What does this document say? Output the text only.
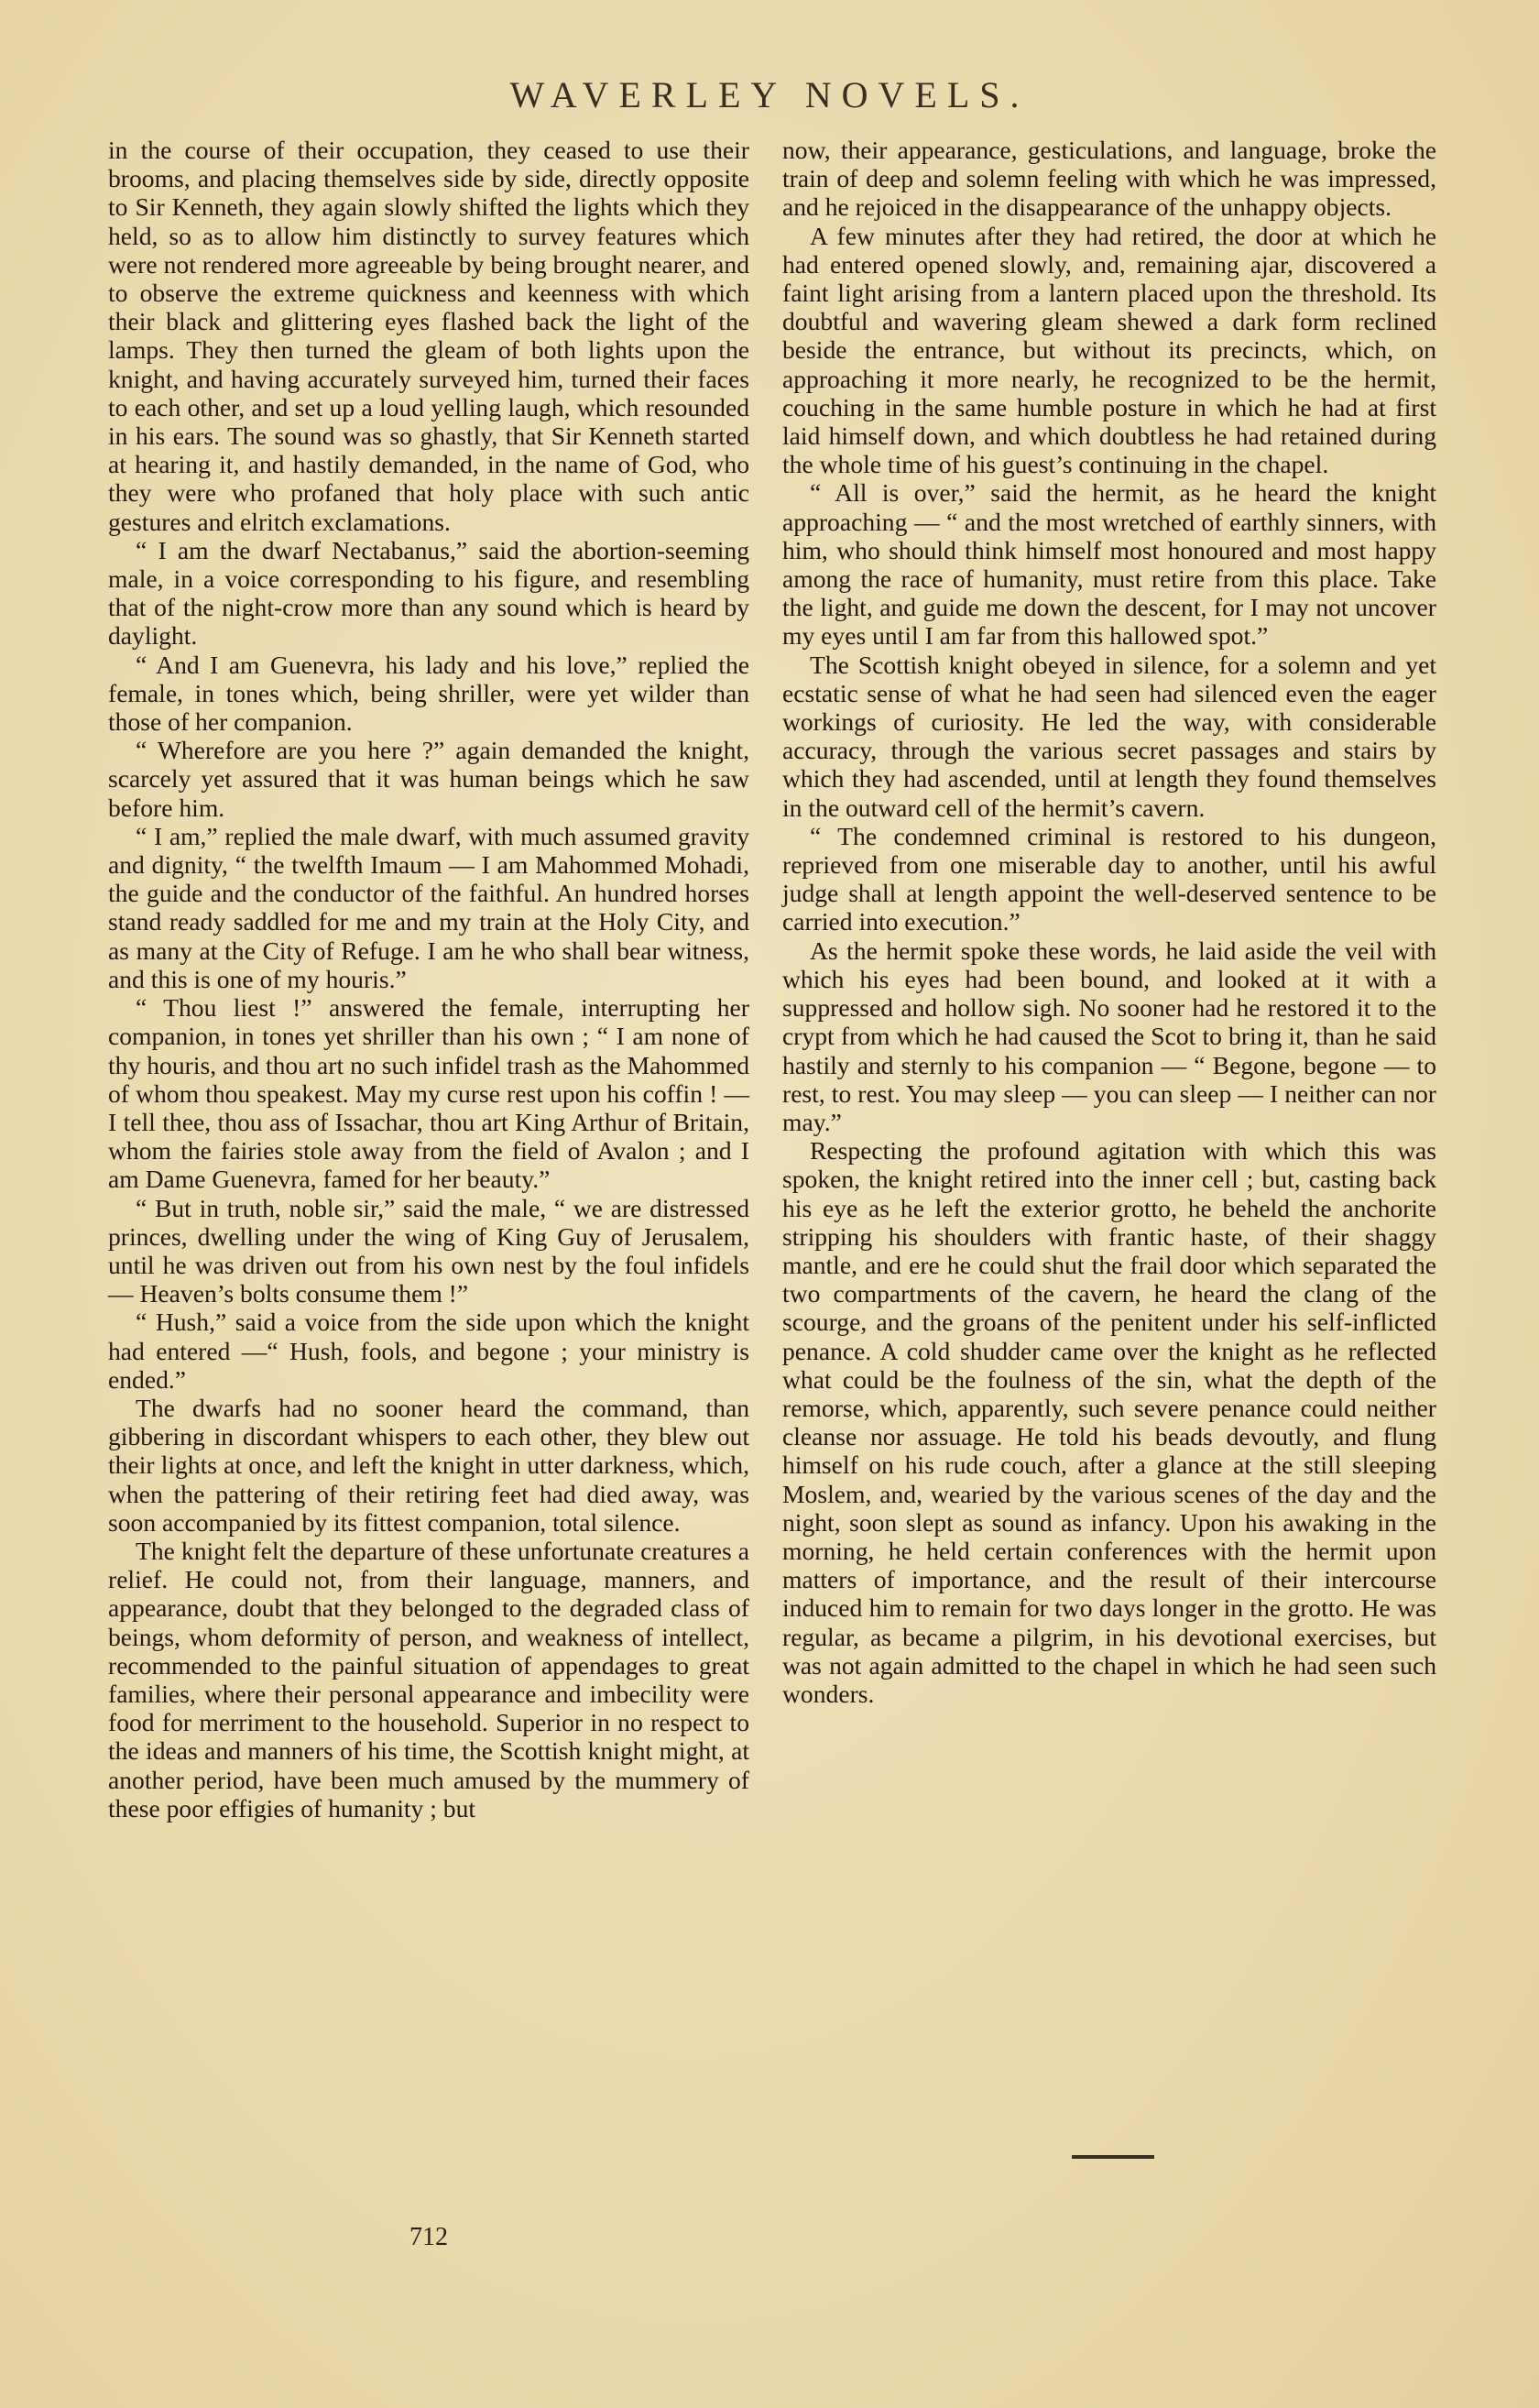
WAVERLEY NOVELS.

in the course of their occupation, they ceased to use their brooms, and placing themselves side by side, directly opposite to Sir Kenneth, they again slowly shifted the lights which they held, so as to allow him distinctly to survey features which were not rendered more agreeable by being brought nearer, and to observe the extreme quickness and keenness with which their black and glittering eyes flashed back the light of the lamps. They then turned the gleam of both lights upon the knight, and having accurately surveyed him, turned their faces to each other, and set up a loud yelling laugh, which resounded in his ears. The sound was so ghastly, that Sir Kenneth started at hearing it, and hastily demanded, in the name of God, who they were who profaned that holy place with such antic gestures and elritch exclamations.

“ I am the dwarf Nectabanus,” said the abortion-seeming male, in a voice corresponding to his figure, and resembling that of the night-crow more than any sound which is heard by daylight.

“ And I am Guenevra, his lady and his love,” replied the female, in tones which, being shriller, were yet wilder than those of her companion.

“ Wherefore are you here ?” again demanded the knight, scarcely yet assured that it was human beings which he saw before him.

“ I am,” replied the male dwarf, with much assumed gravity and dignity, “ the twelfth Imaum — I am Mahommed Mohadi, the guide and the conductor of the faithful. An hundred horses stand ready saddled for me and my train at the Holy City, and as many at the City of Refuge. I am he who shall bear witness, and this is one of my houris.”

“ Thou liest !” answered the female, interrupting her companion, in tones yet shriller than his own ; “ I am none of thy houris, and thou art no such infidel trash as the Mahommed of whom thou speakest. May my curse rest upon his coffin ! — I tell thee, thou ass of Issachar, thou art King Arthur of Britain, whom the fairies stole away from the field of Avalon ; and I am Dame Guenevra, famed for her beauty.”

“ But in truth, noble sir,” said the male, “ we are distressed princes, dwelling under the wing of King Guy of Jerusalem, until he was driven out from his own nest by the foul infidels — Heaven’s bolts consume them !”

“ Hush,” said a voice from the side upon which the knight had entered —“ Hush, fools, and begone ; your ministry is ended.”

The dwarfs had no sooner heard the command, than gibbering in discordant whispers to each other, they blew out their lights at once, and left the knight in utter darkness, which, when the pattering of their retiring feet had died away, was soon accompanied by its fittest companion, total silence.

The knight felt the departure of these unfortunate creatures a relief. He could not, from their language, manners, and appearance, doubt that they belonged to the degraded class of beings, whom deformity of person, and weakness of intellect, recommended to the painful situation of appendages to great families, where their personal appearance and imbecility were food for merriment to the household. Superior in no respect to the ideas and manners of his time, the Scottish knight might, at another period, have been much amused by the mummery of these poor effigies of humanity ; but

now, their appearance, gesticulations, and language, broke the train of deep and solemn feeling with which he was impressed, and he rejoiced in the disappearance of the unhappy objects.

A few minutes after they had retired, the door at which he had entered opened slowly, and, remaining ajar, discovered a faint light arising from a lantern placed upon the threshold. Its doubtful and wavering gleam shewed a dark form reclined beside the entrance, but without its precincts, which, on approaching it more nearly, he recognized to be the hermit, couching in the same humble posture in which he had at first laid himself down, and which doubtless he had retained during the whole time of his guest’s continuing in the chapel.

“ All is over,” said the hermit, as he heard the knight approaching — “ and the most wretched of earthly sinners, with him, who should think himself most honoured and most happy among the race of humanity, must retire from this place. Take the light, and guide me down the descent, for I may not uncover my eyes until I am far from this hallowed spot.”

The Scottish knight obeyed in silence, for a solemn and yet ecstatic sense of what he had seen had silenced even the eager workings of curiosity. He led the way, with considerable accuracy, through the various secret passages and stairs by which they had ascended, until at length they found themselves in the outward cell of the hermit’s cavern.

“ The condemned criminal is restored to his dungeon, reprieved from one miserable day to another, until his awful judge shall at length appoint the well-deserved sentence to be carried into execution.”

As the hermit spoke these words, he laid aside the veil with which his eyes had been bound, and looked at it with a suppressed and hollow sigh. No sooner had he restored it to the crypt from which he had caused the Scot to bring it, than he said hastily and sternly to his companion — “ Begone, begone — to rest, to rest. You may sleep — you can sleep — I neither can nor may.”

Respecting the profound agitation with which this was spoken, the knight retired into the inner cell ; but, casting back his eye as he left the exterior grotto, he beheld the anchorite stripping his shoulders with frantic haste, of their shaggy mantle, and ere he could shut the frail door which separated the two compartments of the cavern, he heard the clang of the scourge, and the groans of the penitent under his self-inflicted penance. A cold shudder came over the knight as he reflected what could be the foulness of the sin, what the depth of the remorse, which, apparently, such severe penance could neither cleanse nor assuage. He told his beads devoutly, and flung himself on his rude couch, after a glance at the still sleeping Moslem, and, wearied by the various scenes of the day and the night, soon slept as sound as infancy. Upon his awaking in the morning, he held certain conferences with the hermit upon matters of importance, and the result of their intercourse induced him to remain for two days longer in the grotto. He was regular, as became a pilgrim, in his devotional exercises, but was not again admitted to the chapel in which he had seen such wonders.

712
